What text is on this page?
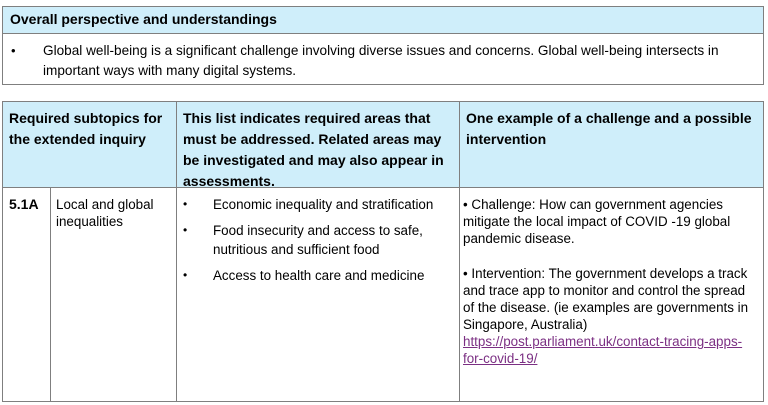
Overall perspective and understandings
• Global well-being is a significant challenge involving diverse issues and concerns. Global well-being intersects in important ways with many digital systems.
Required subtopics for the extended inquiry
This list indicates required areas that must be addressed. Related areas may be investigated and may also appear in assessments.
One example of a challenge and a possible intervention
5.1A	Local and global inequalities
• Economic inequality and stratification
• Food insecurity and access to safe, nutritious and sufficient food
• Access to health care and medicine

• Challenge: How can government agencies mitigate the local impact of COVID -19 global pandemic disease.

• Intervention: The government develops a track and trace app to monitor and control the spread of the disease. (ie examples are governments in Singapore, Australia)

https://post.parliament.uk/contact-tracing-apps-for-covid-19/
